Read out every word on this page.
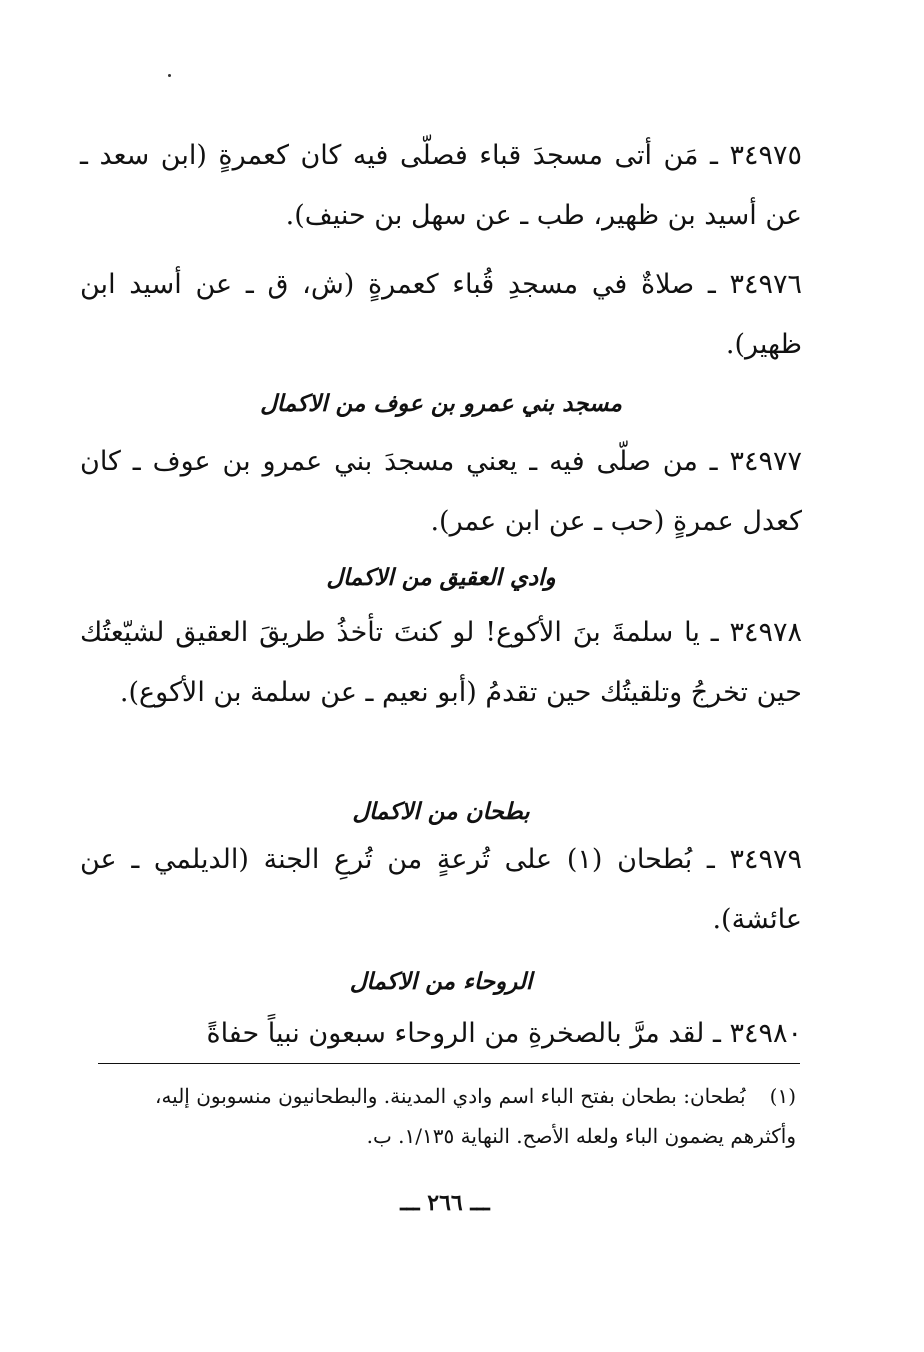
٣٤٩٧٥ ـ مَن أتى مسجدَ قباء فصلّى فيه كان كعمرةٍ (ابن سعد ـ عن أسيد بن ظهير، طب ـ عن سهل بن حنيف).

٣٤٩٧٦ ـ صلاةٌ في مسجدِ قُباء كعمرةٍ (ش، ق ـ عن أسيد ابن ظهير).

مسجد بني عمرو بن عوف من الاكمال

٣٤٩٧٧ ـ من صلّى فيه ـ يعني مسجدَ بني عمرو بن عوف ـ كان كعدل عمرةٍ (حب ـ عن ابن عمر).

وادي العقيق من الاكمال

٣٤٩٧٨ ـ يا سلمةَ بنَ الأكوع! لو كنتَ تأخذُ طريقَ العقيق لشيّعتُك حين تخرجُ وتلقيتُك حين تقدمُ (أبو نعيم ـ عن سلمة بن الأكوع).

بطحان من الاكمال

٣٤٩٧٩ ـ بُطحان (١) على تُرعةٍ من تُرعِ الجنة (الديلمي ـ عن عائشة).

الروحاء من الاكمال

٣٤٩٨٠ ـ لقد مرَّ بالصخرةِ من الروحاء سبعون نبياً حفاةً

(١)بُطحان: بطحان بفتح الباء اسم وادي المدينة. والبطحانيون منسوبون إليه، وأكثرهم يضمون الباء ولعله الأصح. النهاية ١/١٣٥. ب.

ـــ ٢٦٦ ـــ
